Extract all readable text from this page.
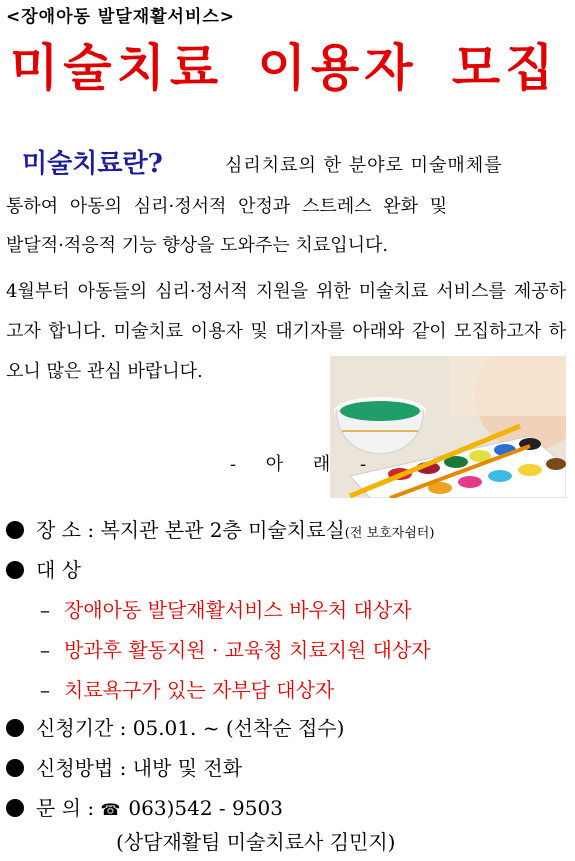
<장애아동 발달재활서비스>
미술치료 이용자 모집
미술치료란?	심리치료의 한 분야로 미술매체를
통하여 아동의 심리·정서적 안정과 스트레스 완화 및
발달적·적응적 기능 향상을 도와주는 치료입니다.
4월부터 아동들의 심리·정서적 지원을 위한 미술치료 서비스를 제공하고자 합니다. 미술치료 이용자 및 대기자를 아래와 같이 모집하고자 하오니 많은 관심 바랍니다.
- 아 래 -
장 소 : 복지관 본관 2층 미술치료실(전 보호자쉼터)
대 상
– 장애아동 발달재활서비스 바우처 대상자
– 방과후 활동지원 · 교육청 치료지원 대상자
– 치료욕구가 있는 자부담 대상자
신청기간 : 05.01. ~ (선착순 접수)
신청방법 : 내방 및 전화
문 의 : ☎ 063)542 - 9503
(상담재활팀 미술치료사 김민지)
